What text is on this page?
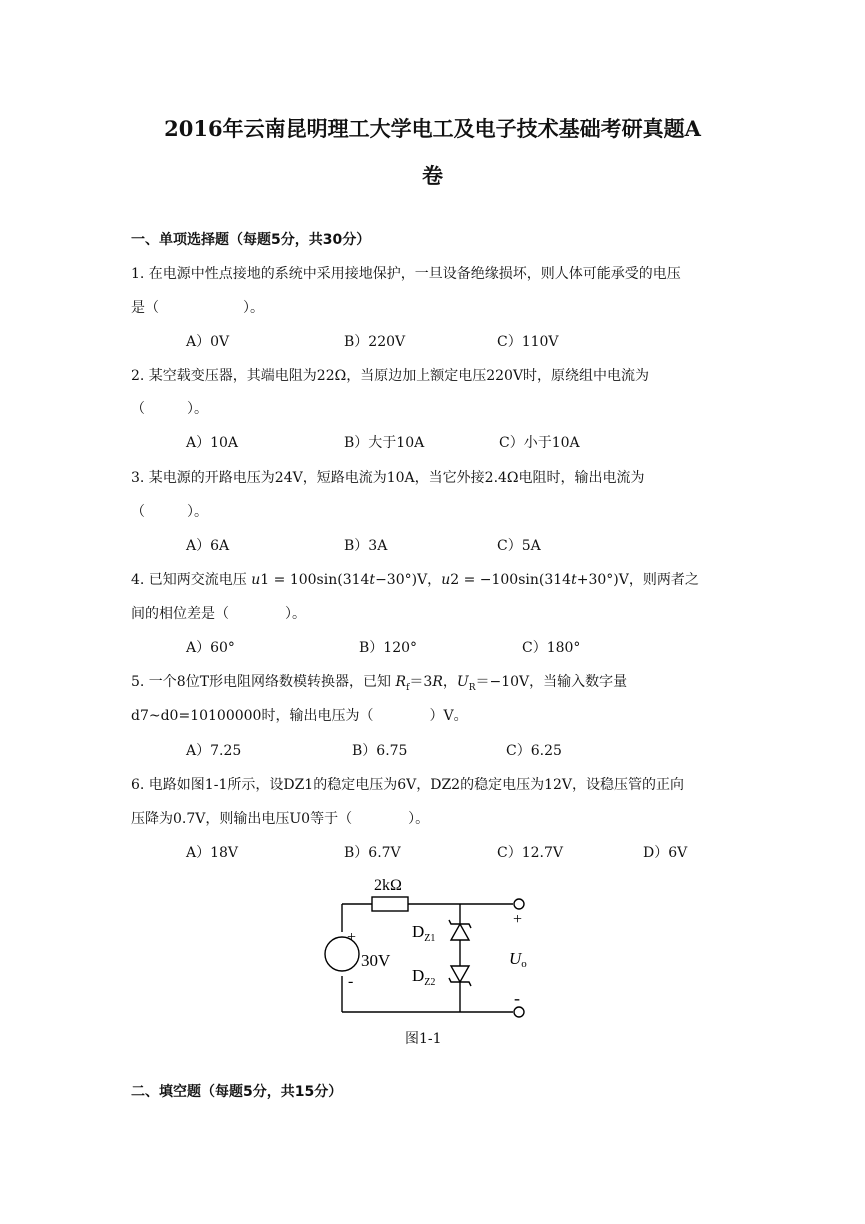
2016年云南昆明理工大学电工及电子技术基础考研真题A
卷
一、单项选择题（每题5分，共30分）
1. 在电源中性点接地的系统中采用接地保护，一旦设备绝缘损坏，则人体可能承受的电压
是（　　　　　　）。
A）0V	B）220V	C）110V
2. 某空载变压器，其端电阻为22Ω，当原边加上额定电压220V时，原绕组中电流为
（　　　）。
A）10A	B）大于10A	C）小于10A
3. 某电源的开路电压为24V，短路电流为10A，当它外接2.4Ω电阻时，输出电流为
（　　　）。
A）6A	B）3A	C）5A
4. 已知两交流电压 u1 = 100sin(314t−30°)V，u2 = −100sin(314t+30°)V，则两者之
间的相位差是（　　　　）。
A）60°	B）120°	C）180°
5. 一个8位T形电阻网络数模转换器，已知 $R_f=3R$，$U_R=-10V$，当输入数字量
d7~d0=10100000时，输出电压为（　　　　）V。
A）7.25	B）6.75	C）6.25
6. 电路如图1-1所示，设DZ1的稳定电压为6V，DZ2的稳定电压为12V，设稳压管的正向
压降为0.7V，则输出电压U0等于（　　　　）。
A）18V	B）6.7V	C）12.7V	D）6V
2kΩ
+
-
30V
$D_{Z1}$
$D_{Z2}$
+
-
Uo
图1-1
二、填空题（每题5分，共15分）
